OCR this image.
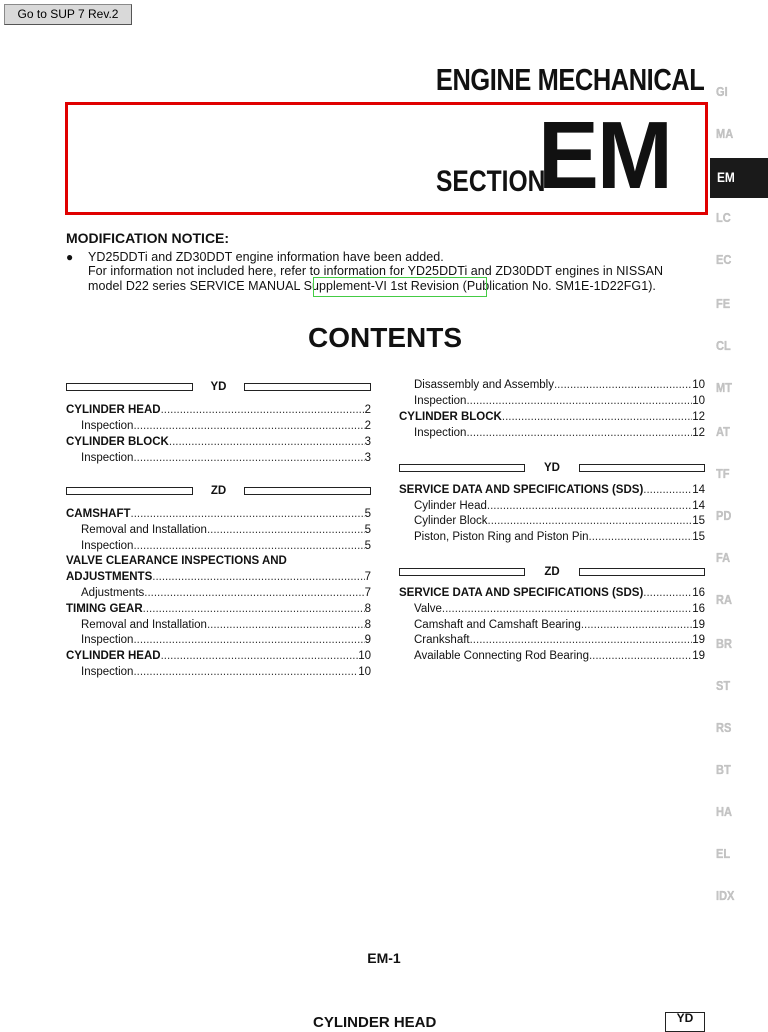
Go to SUP 7 Rev.2
ENGINE MECHANICAL
SECTION
EM	EM
GI
MA
LC
EC
FE
CL
MT
AT
TF
PD
FA
RA
BR
ST
RS
BT
HA
EL
IDX
MODIFICATION NOTICE:
● YD25DDTi and ZD30DDT engine information have been added.
For information not included here, refer to information for YD25DDTi and ZD30DDT engines in NISSAN
model D22 series SERVICE MANUAL Supplement-VI 1st Revision (Publication No. SM1E-1D22FG1).
CONTENTS
YD
CYLINDER HEAD .....	2
Inspection .....	2
CYLINDER BLOCK .....	3
Inspection .....	3
ZD
CAMSHAFT .....	5
Removal and Installation .....	5
Inspection .....	5
VALVE CLEARANCE INSPECTIONS AND
ADJUSTMENTS .....	7
Adjustments .....	7
TIMING GEAR .....	8
Removal and Installation .....	8
Inspection .....	9
CYLINDER HEAD .....	10
Inspection .....	10
Disassembly and Assembly .....	10
Inspection .....	10
CYLINDER BLOCK .....	12
Inspection .....	12
YD
SERVICE DATA AND SPECIFICATIONS (SDS) .....	14
Cylinder Head .....	14
Cylinder Block .....	15
Piston, Piston Ring and Piston Pin .....	15
ZD
SERVICE DATA AND SPECIFICATIONS (SDS) .....	16
Valve .....	16
Camshaft and Camshaft Bearing .....	19
Crankshaft .....	19
Available Connecting Rod Bearing .....	19
EM-1
CYLINDER HEAD	YD
